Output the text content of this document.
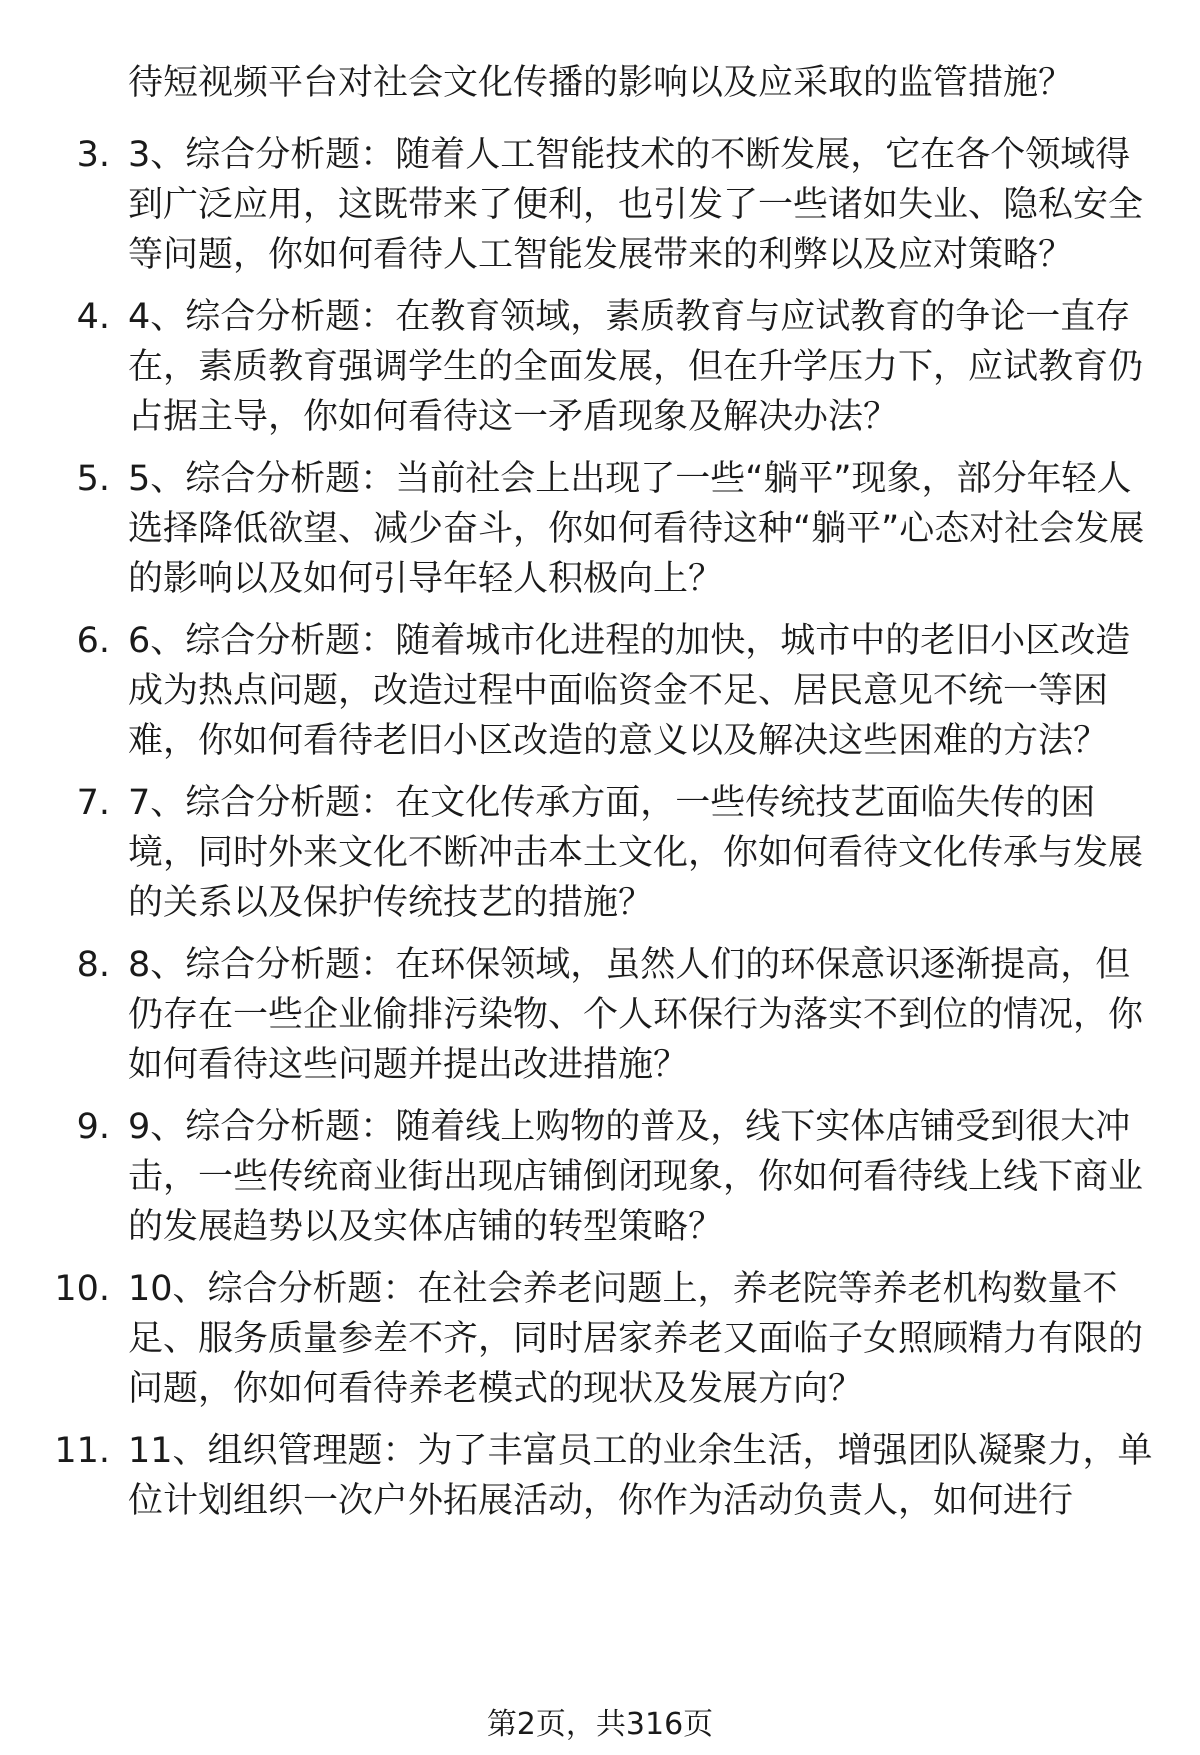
待短视频平台对社会文化传播的影响以及应采取的监管措施？
3. 3、综合分析题：随着人工智能技术的不断发展，它在各个领域得到广泛应用，这既带来了便利，也引发了一些诸如失业、隐私安全等问题，你如何看待人工智能发展带来的利弊以及应对策略？
4. 4、综合分析题：在教育领域，素质教育与应试教育的争论一直存在，素质教育强调学生的全面发展，但在升学压力下，应试教育仍占据主导，你如何看待这一矛盾现象及解决办法？
5. 5、综合分析题：当前社会上出现了一些“躺平”现象，部分年轻人选择降低欲望、减少奋斗，你如何看待这种“躺平”心态对社会发展的影响以及如何引导年轻人积极向上？
6. 6、综合分析题：随着城市化进程的加快，城市中的老旧小区改造成为热点问题，改造过程中面临资金不足、居民意见不统一等困难，你如何看待老旧小区改造的意义以及解决这些困难的方法？
7. 7、综合分析题：在文化传承方面，一些传统技艺面临失传的困境，同时外来文化不断冲击本土文化，你如何看待文化传承与发展的关系以及保护传统技艺的措施？
8. 8、综合分析题：在环保领域，虽然人们的环保意识逐渐提高，但仍存在一些企业偷排污染物、个人环保行为落实不到位的情况，你如何看待这些问题并提出改进措施？
9. 9、综合分析题：随着线上购物的普及，线下实体店铺受到很大冲击，一些传统商业街出现店铺倒闭现象，你如何看待线上线下商业的发展趋势以及实体店铺的转型策略？
10. 10、综合分析题：在社会养老问题上，养老院等养老机构数量不足、服务质量参差不齐，同时居家养老又面临子女照顾精力有限的问题，你如何看待养老模式的现状及发展方向？
11. 11、组织管理题：为了丰富员工的业余生活，增强团队凝聚力，单位计划组织一次户外拓展活动，你作为活动负责人，如何进行
第2页，共316页
